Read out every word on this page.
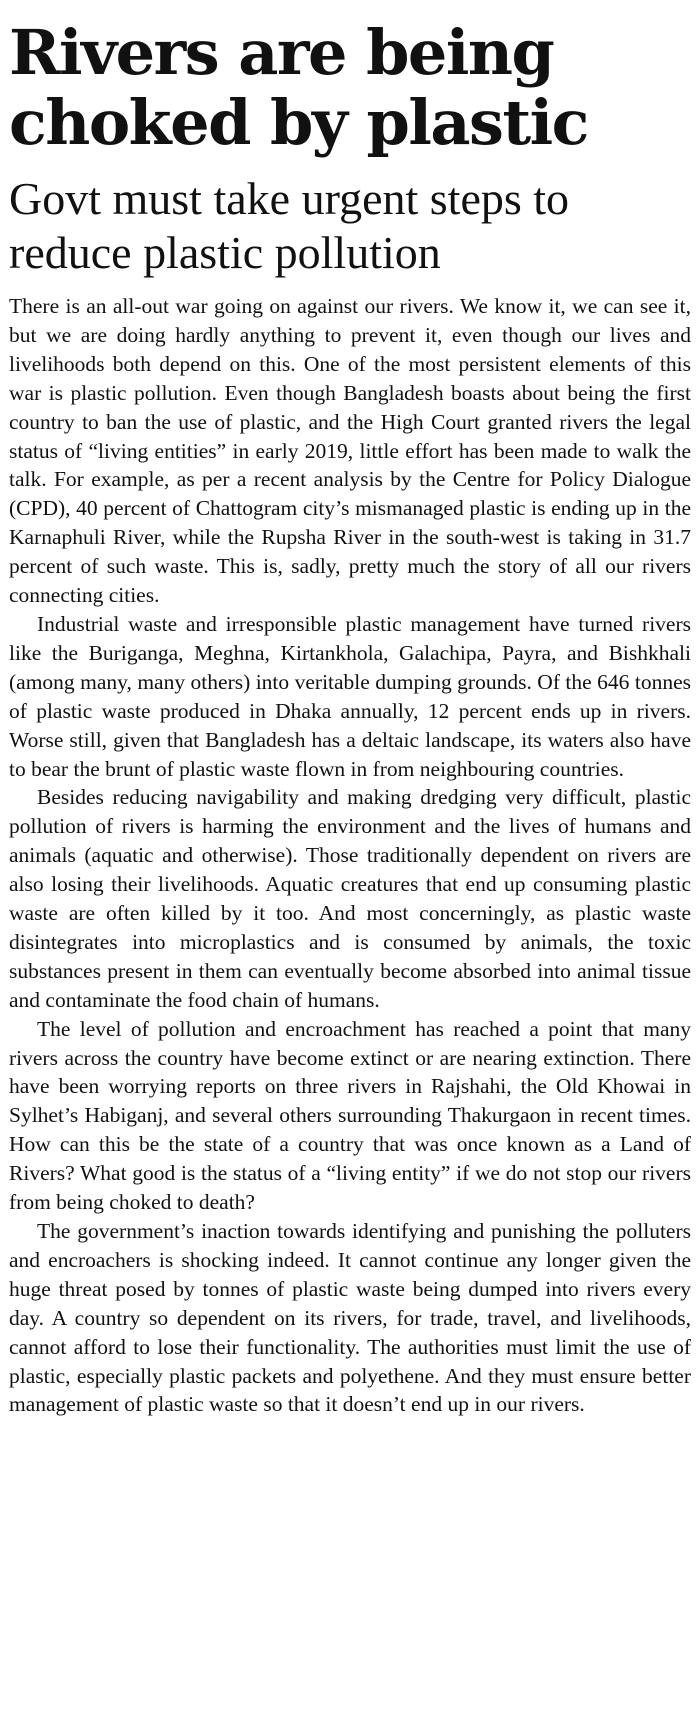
Rivers are being choked by plastic
Govt must take urgent steps to reduce plastic pollution

There is an all-out war going on against our rivers. We know it, we can see it, but we are doing hardly anything to prevent it, even though our lives and livelihoods both depend on this. One of the most persistent elements of this war is plastic pollution. Even though Bangladesh boasts about being the first country to ban the use of plastic, and the High Court granted rivers the legal status of “living entities” in early 2019, little effort has been made to walk the talk. For example, as per a recent analysis by the Centre for Policy Dialogue (CPD), 40 percent of Chattogram city’s mismanaged plastic is ending up in the Karnaphuli River, while the Rupsha River in the south-west is taking in 31.7 percent of such waste. This is, sadly, pretty much the story of all our rivers connecting cities.

Industrial waste and irresponsible plastic management have turned rivers like the Buriganga, Meghna, Kirtankhola, Galachipa, Payra, and Bishkhali (among many, many others) into veritable dumping grounds. Of the 646 tonnes of plastic waste produced in Dhaka annually, 12 percent ends up in rivers. Worse still, given that Bangladesh has a deltaic landscape, its waters also have to bear the brunt of plastic waste flown in from neighbouring countries.

Besides reducing navigability and making dredging very difficult, plastic pollution of rivers is harming the environment and the lives of humans and animals (aquatic and otherwise). Those traditionally dependent on rivers are also losing their livelihoods. Aquatic creatures that end up consuming plastic waste are often killed by it too. And most concerningly, as plastic waste disintegrates into microplastics and is consumed by animals, the toxic substances present in them can eventually become absorbed into animal tissue and contaminate the food chain of humans.

The level of pollution and encroachment has reached a point that many rivers across the country have become extinct or are nearing extinction. There have been worrying reports on three rivers in Rajshahi, the Old Khowai in Sylhet’s Habiganj, and several others surrounding Thakurgaon in recent times. How can this be the state of a country that was once known as a Land of Rivers? What good is the status of a “living entity” if we do not stop our rivers from being choked to death?

The government’s inaction towards identifying and punishing the polluters and encroachers is shocking indeed. It cannot continue any longer given the huge threat posed by tonnes of plastic waste being dumped into rivers every day. A country so dependent on its rivers, for trade, travel, and livelihoods, cannot afford to lose their functionality. The authorities must limit the use of plastic, especially plastic packets and polyethene. And they must ensure better management of plastic waste so that it doesn’t end up in our rivers.
